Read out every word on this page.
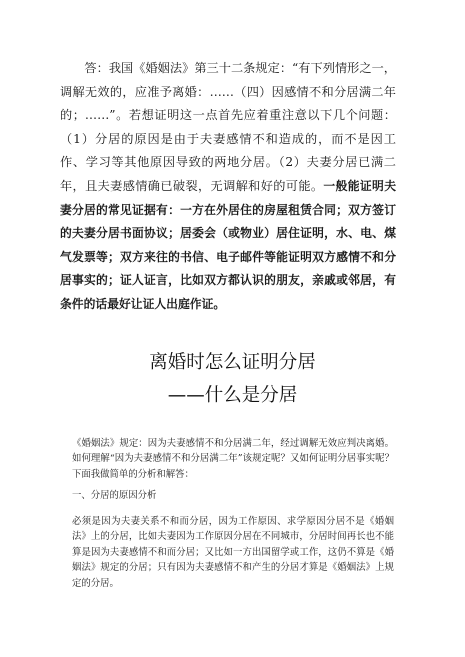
答：我国《婚姻法》第三十二条规定：“有下列情形之一，调解无效的，应准予离婚：……（四）因感情不和分居满二年的；……”。若想证明这一点首先应着重注意以下几个问题：（1）分居的原因是由于夫妻感情不和造成的，而不是因工作、学习等其他原因导致的两地分居。（2）夫妻分居已满二年，且夫妻感情确已破裂，无调解和好的可能。一般能证明夫妻分居的常见证据有：一方在外居住的房屋租赁合同；双方签订的夫妻分居书面协议；居委会（或物业）居住证明，水、电、煤气发票等；双方来往的书信、电子邮件等能证明双方感情不和分居事实的；证人证言，比如双方都认识的朋友，亲戚或邻居，有条件的话最好让证人出庭作证。

离婚时怎么证明分居
——什么是分居

《婚姻法》规定：因为夫妻感情不和分居满二年，经过调解无效应判决离婚。如何理解“因为夫妻感情不和分居满二年”该规定呢？又如何证明分居事实呢？下面我做简单的分析和解答：

一、分居的原因分析

必须是因为夫妻关系不和而分居，因为工作原因、求学原因分居不是《婚姻法》上的分居，比如夫妻因为工作原因分居在不同城市，分居时间再长也不能算是因为夫妻感情不和而分居；又比如一方出国留学或工作，这仍不算是《婚姻法》规定的分居；只有因为夫妻感情不和产生的分居才算是《婚姻法》上规定的分居。
